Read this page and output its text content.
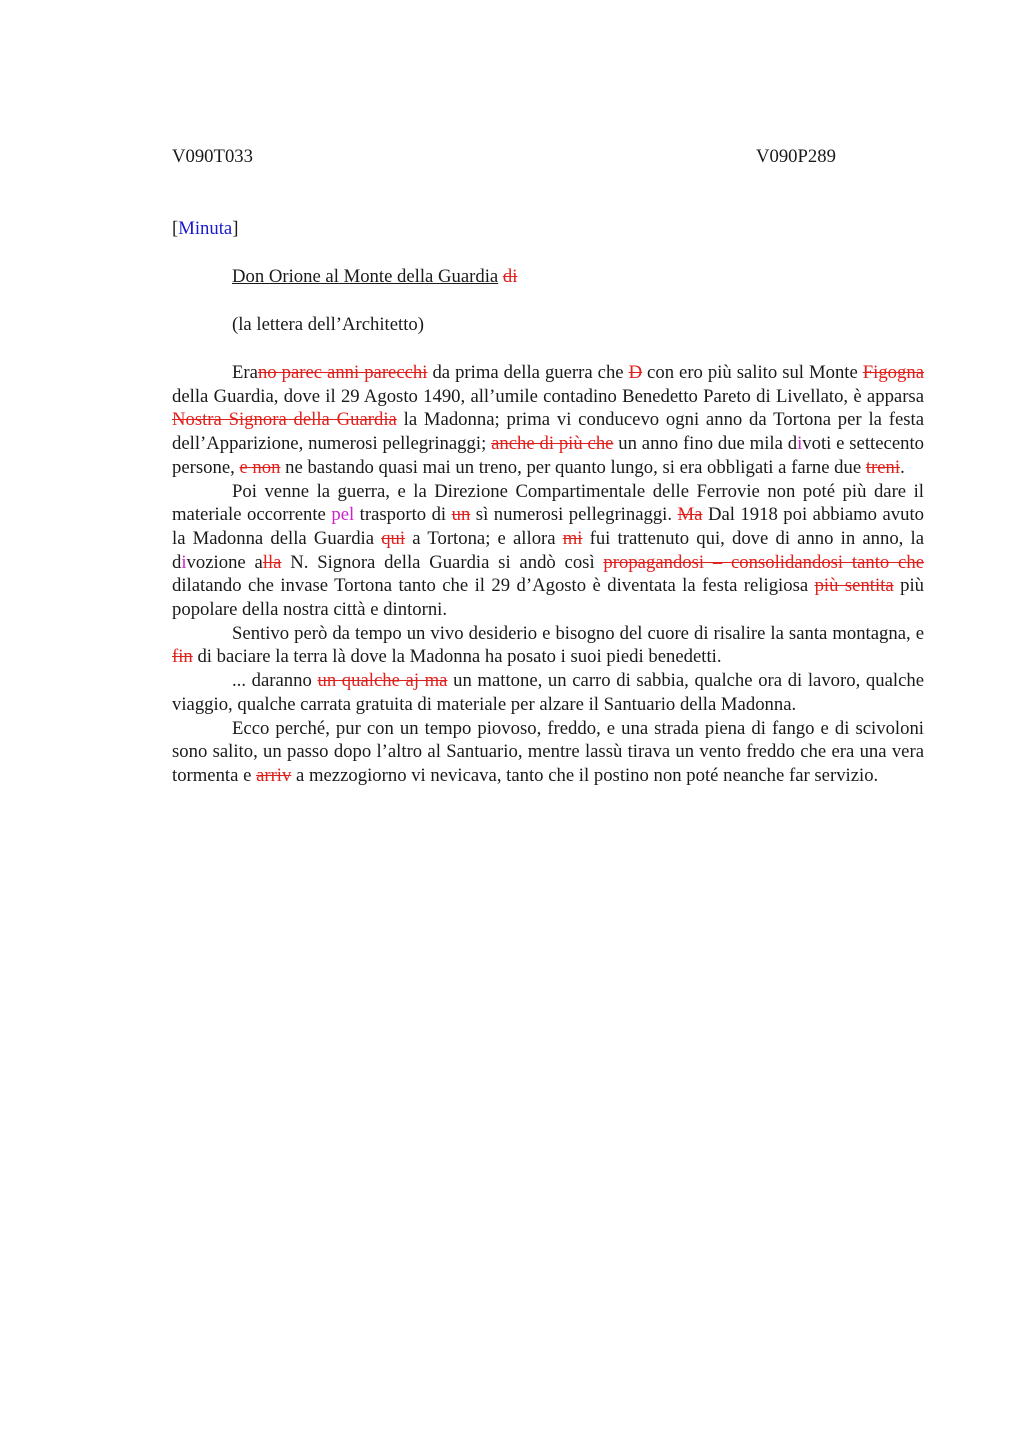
V090T033	V090P289
[Minuta]
Don Orione al Monte della Guardia di
(la lettera dell’Architetto)

Erano parec anni parecchi da prima della guerra che D con ero più salito sul Monte Figogna della Guardia, dove il 29 Agosto 1490, all’umile contadino Benedetto Pareto di Livellato, è apparsa Nostra Signora della Guardia la Madonna; prima vi conducevo ogni anno da Tortona per la festa dell’Apparizione, numerosi pellegrinaggi; anche di più che un anno fino due mila divoti e settecento persone, e non ne bastando quasi mai un treno, per quanto lungo, si era obbligati a farne due treni.

Poi venne la guerra, e la Direzione Compartimentale delle Ferrovie non poté più dare il materiale occorrente pel trasporto di un sì numerosi pellegrinaggi. Ma Dal 1918 poi abbiamo avuto la Madonna della Guardia qui a Tortona; e allora mi fui trattenuto qui, dove di anno in anno, la divozione alla N. Signora della Guardia si andò così propagandosi – consolidandosi tanto che dilatando che invase Tortona tanto che il 29 d’Agosto è diventata la festa religiosa più sentita più popolare della nostra città e dintorni.

Sentivo però da tempo un vivo desiderio e bisogno del cuore di risalire la santa montagna, e fin di baciare la terra là dove la Madonna ha posato i suoi piedi benedetti.

... daranno un qualche aj ma un mattone, un carro di sabbia, qualche ora di lavoro, qualche viaggio, qualche carrata gratuita di materiale per alzare il Santuario della Madonna.

Ecco perché, pur con un tempo piovoso, freddo, e una strada piena di fango e di scivoloni sono salito, un passo dopo l’altro al Santuario, mentre lassù tirava un vento freddo che era una vera tormenta e arriv a mezzogiorno vi nevicava, tanto che il postino non poté neanche far servizio.
